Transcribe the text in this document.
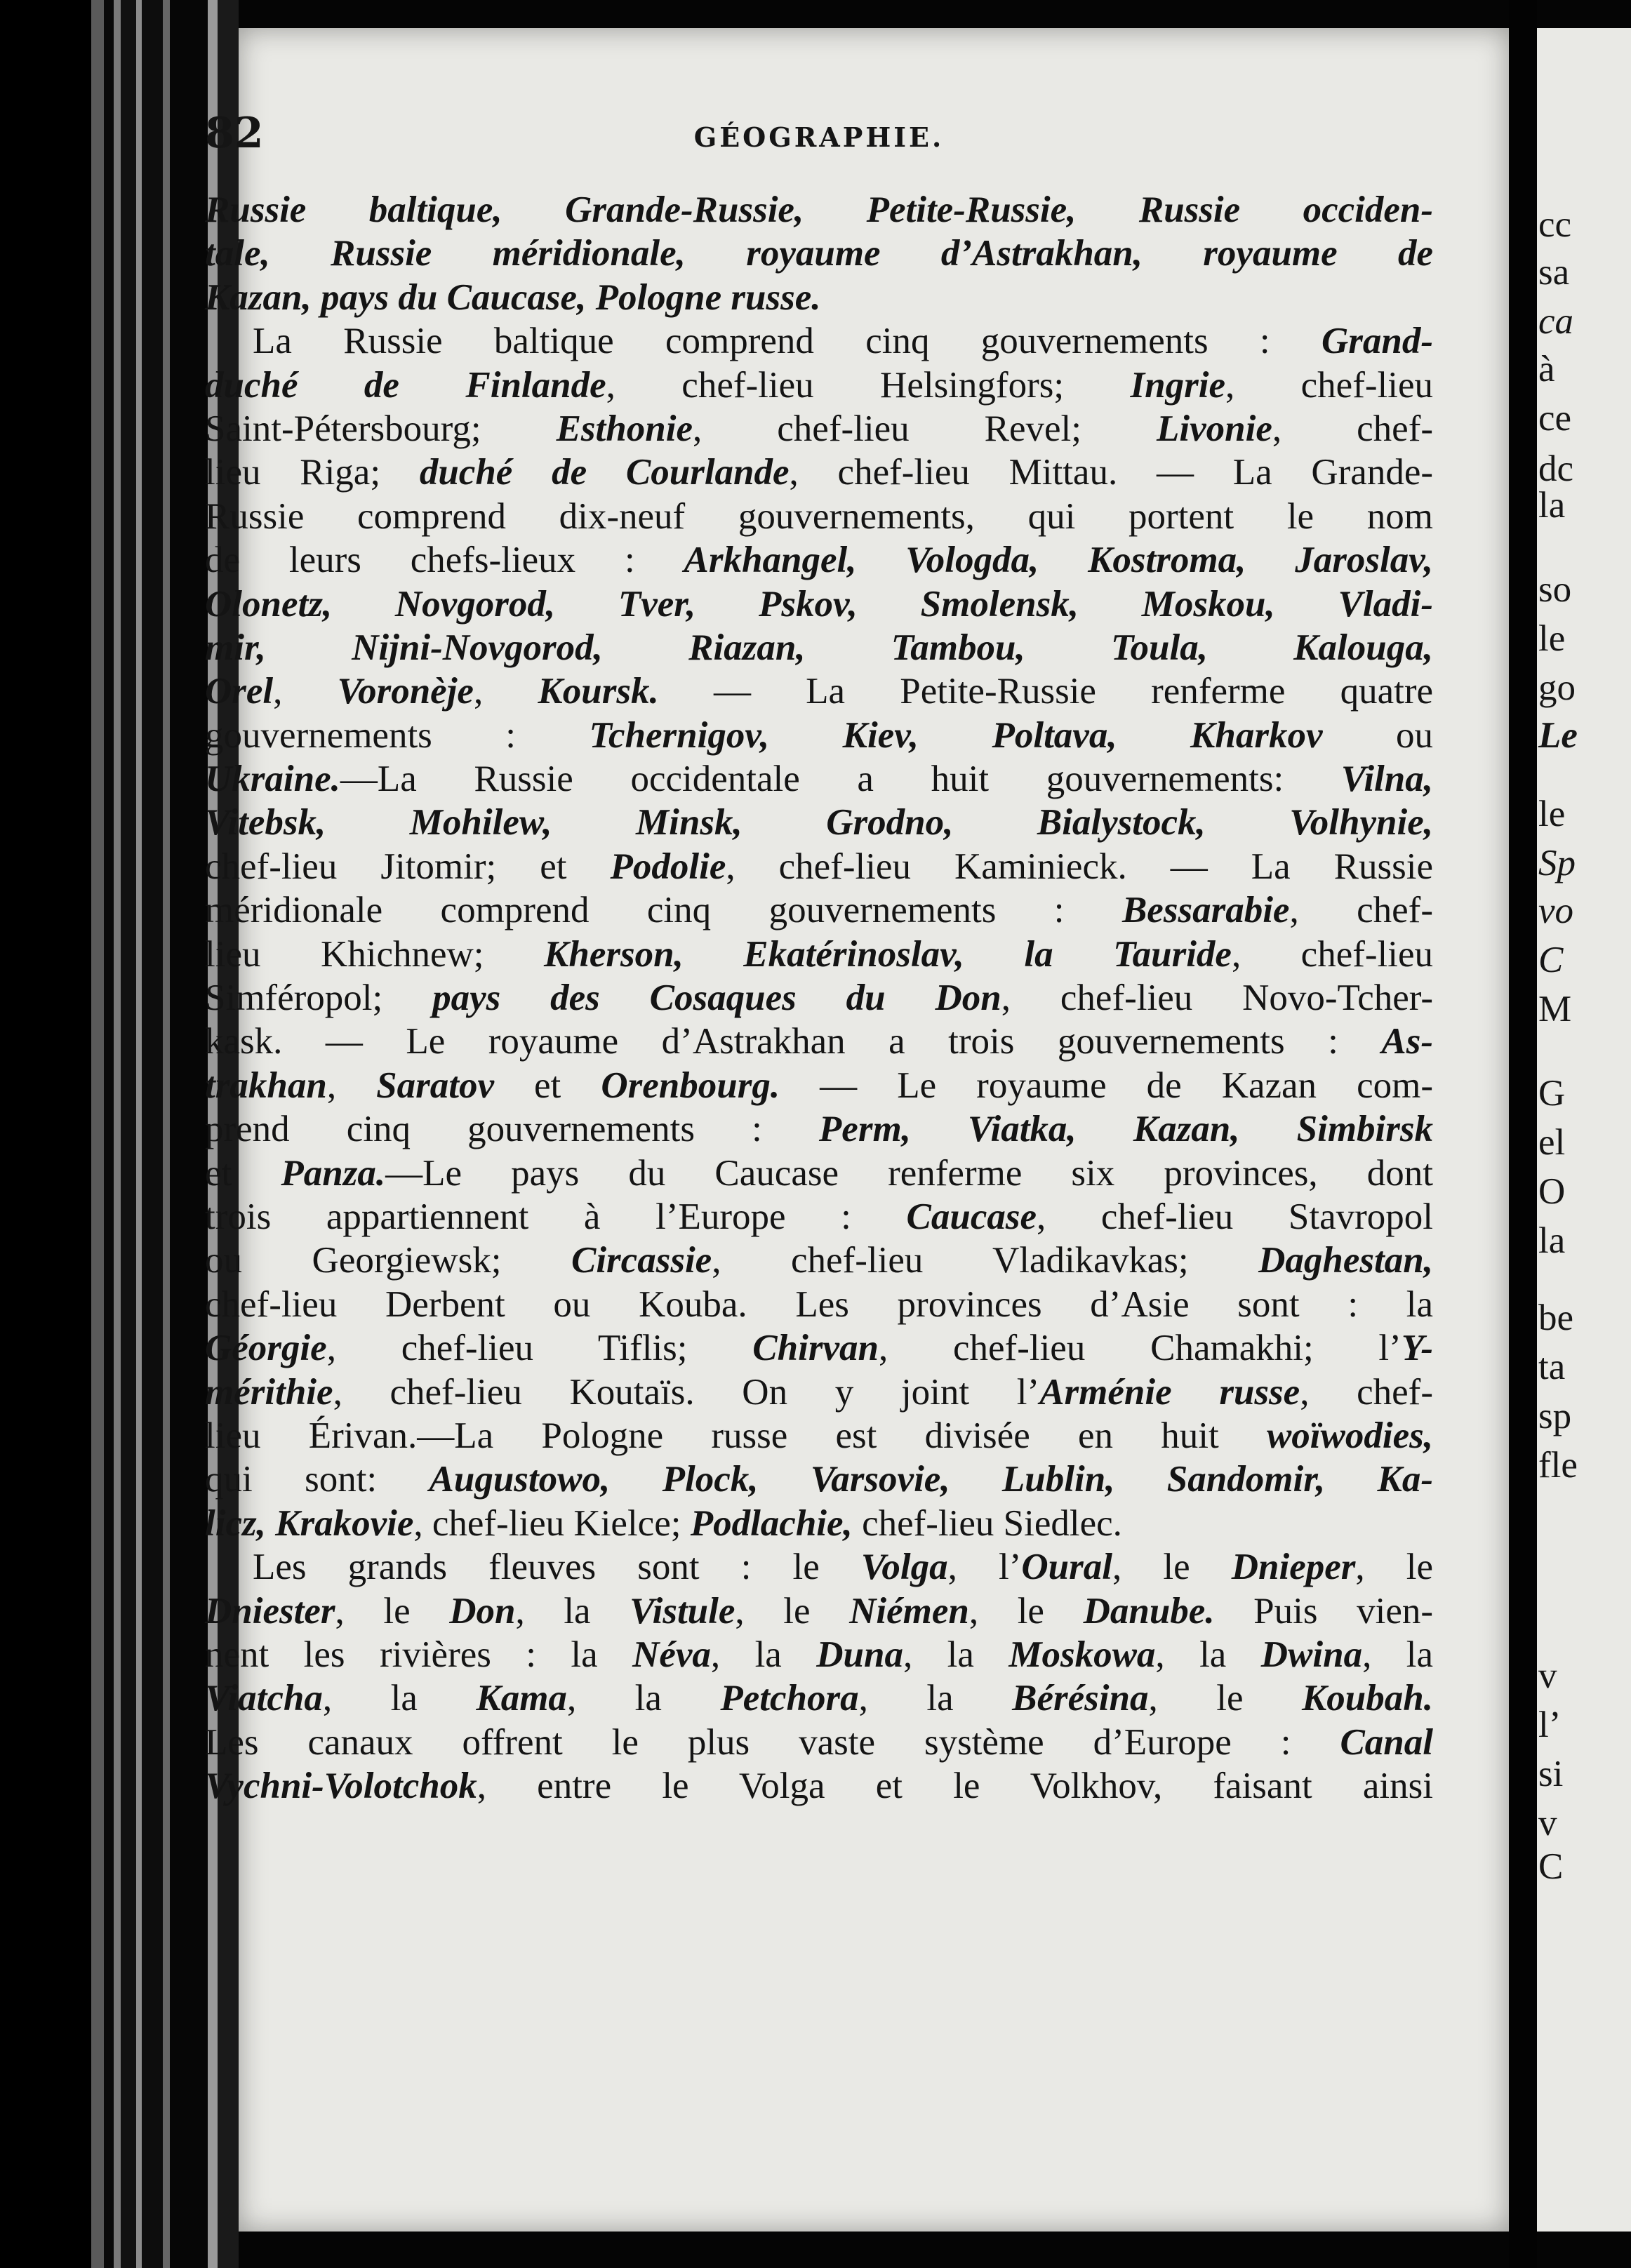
82	GÉOGRAPHIE.
Russie baltique, Grande-Russie, Petite-Russie, Russie occiden-
tale, Russie méridionale, royaume d’Astrakhan, royaume de
Kazan, pays du Caucase, Pologne russe.
La Russie baltique comprend cinq gouvernements : Grand-
duché de Finlande, chef-lieu Helsingfors; Ingrie, chef-lieu
Saint-Pétersbourg; Esthonie, chef-lieu Revel; Livonie, chef-
lieu Riga; duché de Courlande, chef-lieu Mittau. — La Grande-
Russie comprend dix-neuf gouvernements, qui portent le nom
de leurs chefs-lieux : Arkhangel, Vologda, Kostroma, Jaroslav,
Olonetz, Novgorod, Tver, Pskov, Smolensk, Moskou, Vladi-
mir, Nijni-Novgorod, Riazan, Tambou, Toula, Kalouga,
Orel, Voronèje, Koursk. — La Petite-Russie renferme quatre
gouvernements : Tchernigov, Kiev, Poltava, Kharkov ou
Ukraine.—La Russie occidentale a huit gouvernements: Vilna,
Vitebsk, Mohilew, Minsk, Grodno, Bialystock, Volhynie,
chef-lieu Jitomir; et Podolie, chef-lieu Kaminieck. — La Russie
méridionale comprend cinq gouvernements : Bessarabie, chef-
lieu Khichnew; Kherson, Ekatérinoslav, la Tauride, chef-lieu
Simféropol; pays des Cosaques du Don, chef-lieu Novo-Tcher-
kask. — Le royaume d’Astrakhan a trois gouvernements : As-
trakhan, Saratov et Orenbourg. — Le royaume de Kazan com-
prend cinq gouvernements : Perm, Viatka, Kazan, Simbirsk
et Panza.—Le pays du Caucase renferme six provinces, dont
trois appartiennent à l’Europe : Caucase, chef-lieu Stavropol
ou Georgiewsk; Circassie, chef-lieu Vladikavkas; Daghestan,
chef-lieu Derbent ou Kouba. Les provinces d’Asie sont : la
Géorgie, chef-lieu Tiflis; Chirvan, chef-lieu Chamakhi; l’Y-
mérithie, chef-lieu Koutaïs. On y joint l’Arménie russe, chef-
lieu Érivan.—La Pologne russe est divisée en huit woïwodies,
qui sont: Augustowo, Plock, Varsovie, Lublin, Sandomir, Ka-
licz, Krakovie, chef-lieu Kielce; Podlachie, chef-lieu Siedlec.
Les grands fleuves sont : le Volga, l’Oural, le Dnieper, le
Dniester, le Don, la Vistule, le Niémen, le Danube. Puis vien-
nent les rivières : la Néva, la Duna, la Moskowa, la Dwina, la
Viatcha, la Kama, la Petchora, la Bérésina, le Koubah.
Les canaux offrent le plus vaste système d’Europe : Canal
Vychni-Volotchok, entre le Volga et le Volkhov, faisant ainsi
cc
sa
ca
à
ce
dc
la
so
le
go
Le
le
Sp
vo
C
M
G
el
O
la
be
ta
sp
fle
v
l’
si
v
C
